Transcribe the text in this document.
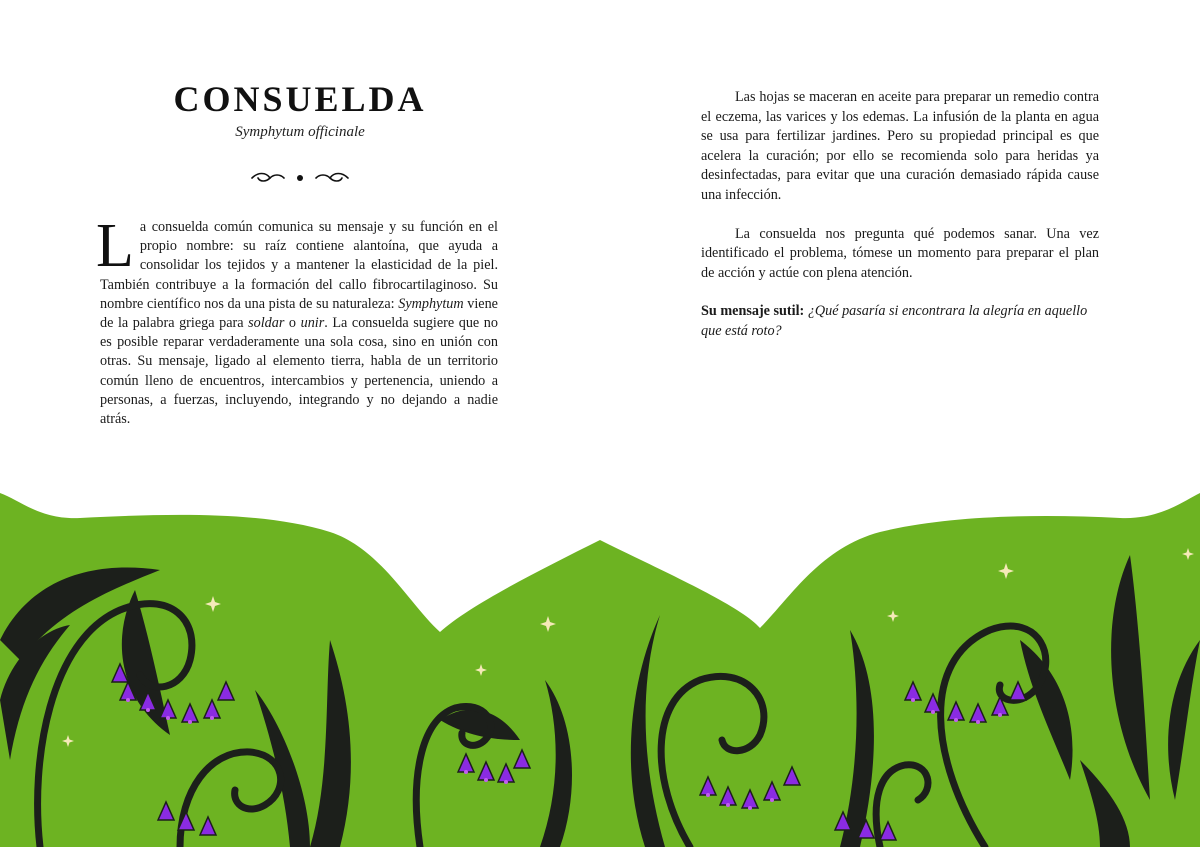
CONSUELDA
Symphytum officinale

La consuelda común comunica su mensaje y su función en el propio nombre: su raíz contiene alantoína, que ayuda a consolidar los tejidos y a mantener la elasticidad de la piel. También contribuye a la formación del callo fibrocartilaginoso. Su nombre científico nos da una pista de su naturaleza: Symphytum viene de la palabra griega para soldar o unir. La consuelda sugiere que no es posible reparar verdaderamente una sola cosa, sino en unión con otras. Su mensaje, ligado al elemento tierra, habla de un territorio común lleno de encuentros, intercambios y pertenencia, uniendo a personas, a fuerzas, incluyendo, integrando y no dejando a nadie atrás.

Las hojas se maceran en aceite para preparar un remedio contra el eczema, las varices y los edemas. La infusión de la planta en agua se usa para fertilizar jardines. Pero su propiedad principal es que acelera la curación; por ello se recomienda solo para heridas ya desinfectadas, para evitar que una curación demasiado rápida cause una infección.

La consuelda nos pregunta qué podemos sanar. Una vez identificado el problema, tómese un momento para preparar el plan de acción y actúe con plena atención.

Su mensaje sutil: ¿Qué pasaría si encontrara la alegría en aquello que está roto?
